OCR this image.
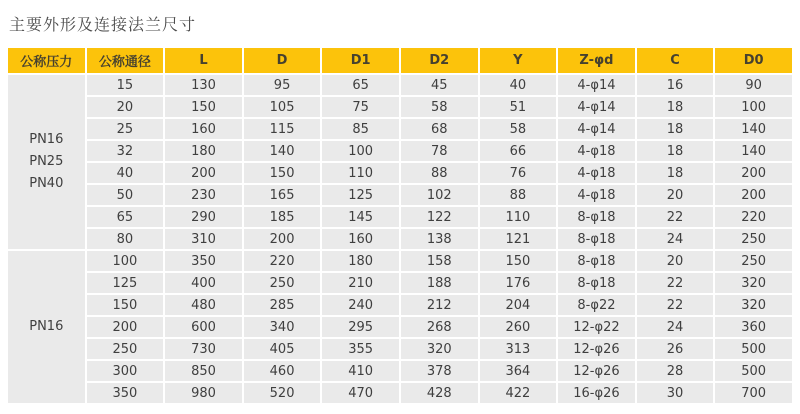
主要外形及连接法兰尺寸
公称压力	公称通径	L	D	D1	D2	Y	Z-φd	C	D0

PN16
PN25
PN40	15	130	95	65	45	40	4-φ14	16	90
	20	150	105	75	58	51	4-φ14	18	100
	25	160	115	85	68	58	4-φ14	18	140
	32	180	140	100	78	66	4-φ18	18	140
	40	200	150	110	88	76	4-φ18	18	200
	50	230	165	125	102	88	4-φ18	20	200
	65	290	185	145	122	110	8-φ18	22	220
	80	310	200	160	138	121	8-φ18	24	250

PN16	100	350	220	180	158	150	8-φ18	20	250
	125	400	250	210	188	176	8-φ18	22	320
	150	480	285	240	212	204	8-φ22	22	320
	200	600	340	295	268	260	12-φ22	24	360
	250	730	405	355	320	313	12-φ26	26	500
	300	850	460	410	378	364	12-φ26	28	500
	350	980	520	470	428	422	16-φ26	30	700
